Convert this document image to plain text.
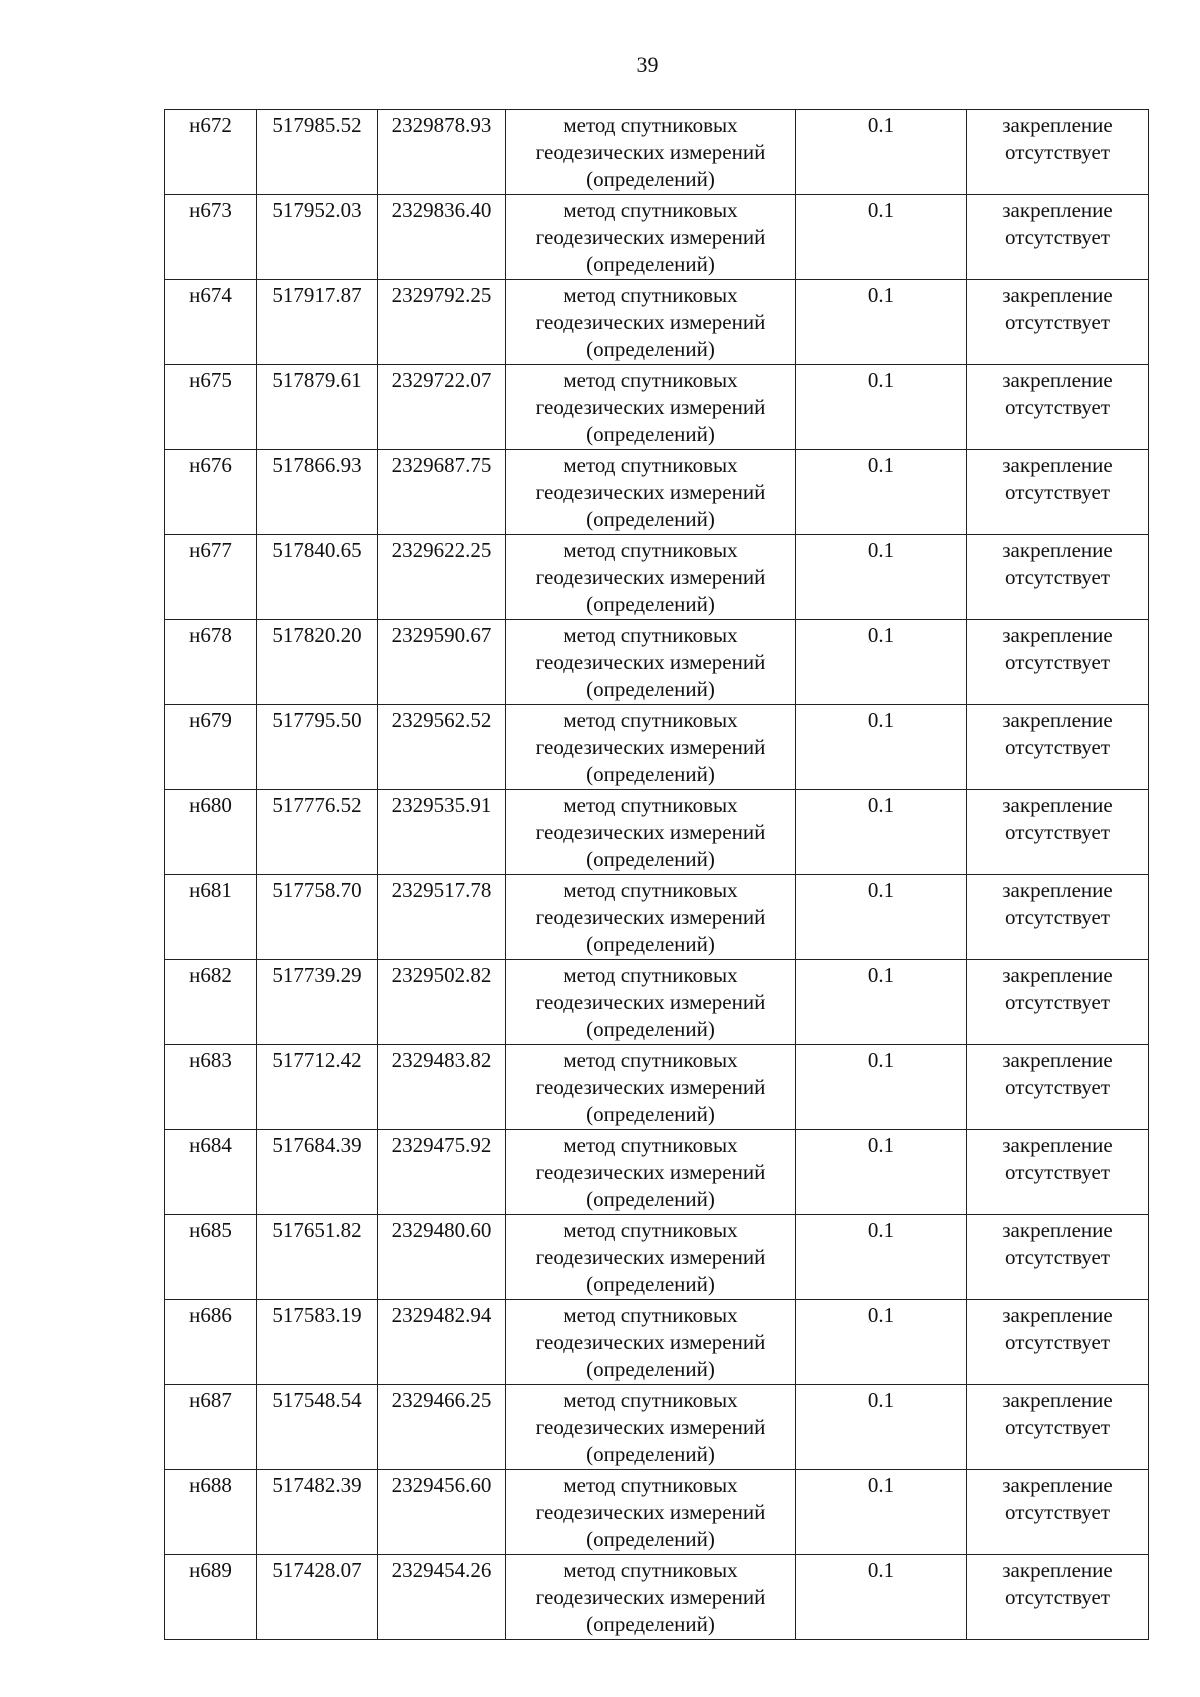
39
н672	517985.52	2329878.93	метод спутниковых геодезических измерений (определений)	0.1	закрепление отсутствует
н673	517952.03	2329836.40	метод спутниковых геодезических измерений (определений)	0.1	закрепление отсутствует
н674	517917.87	2329792.25	метод спутниковых геодезических измерений (определений)	0.1	закрепление отсутствует
н675	517879.61	2329722.07	метод спутниковых геодезических измерений (определений)	0.1	закрепление отсутствует
н676	517866.93	2329687.75	метод спутниковых геодезических измерений (определений)	0.1	закрепление отсутствует
н677	517840.65	2329622.25	метод спутниковых геодезических измерений (определений)	0.1	закрепление отсутствует
н678	517820.20	2329590.67	метод спутниковых геодезических измерений (определений)	0.1	закрепление отсутствует
н679	517795.50	2329562.52	метод спутниковых геодезических измерений (определений)	0.1	закрепление отсутствует
н680	517776.52	2329535.91	метод спутниковых геодезических измерений (определений)	0.1	закрепление отсутствует
н681	517758.70	2329517.78	метод спутниковых геодезических измерений (определений)	0.1	закрепление отсутствует
н682	517739.29	2329502.82	метод спутниковых геодезических измерений (определений)	0.1	закрепление отсутствует
н683	517712.42	2329483.82	метод спутниковых геодезических измерений (определений)	0.1	закрепление отсутствует
н684	517684.39	2329475.92	метод спутниковых геодезических измерений (определений)	0.1	закрепление отсутствует
н685	517651.82	2329480.60	метод спутниковых геодезических измерений (определений)	0.1	закрепление отсутствует
н686	517583.19	2329482.94	метод спутниковых геодезических измерений (определений)	0.1	закрепление отсутствует
н687	517548.54	2329466.25	метод спутниковых геодезических измерений (определений)	0.1	закрепление отсутствует
н688	517482.39	2329456.60	метод спутниковых геодезических измерений (определений)	0.1	закрепление отсутствует
н689	517428.07	2329454.26	метод спутниковых геодезических измерений (определений)	0.1	закрепление отсутствует
